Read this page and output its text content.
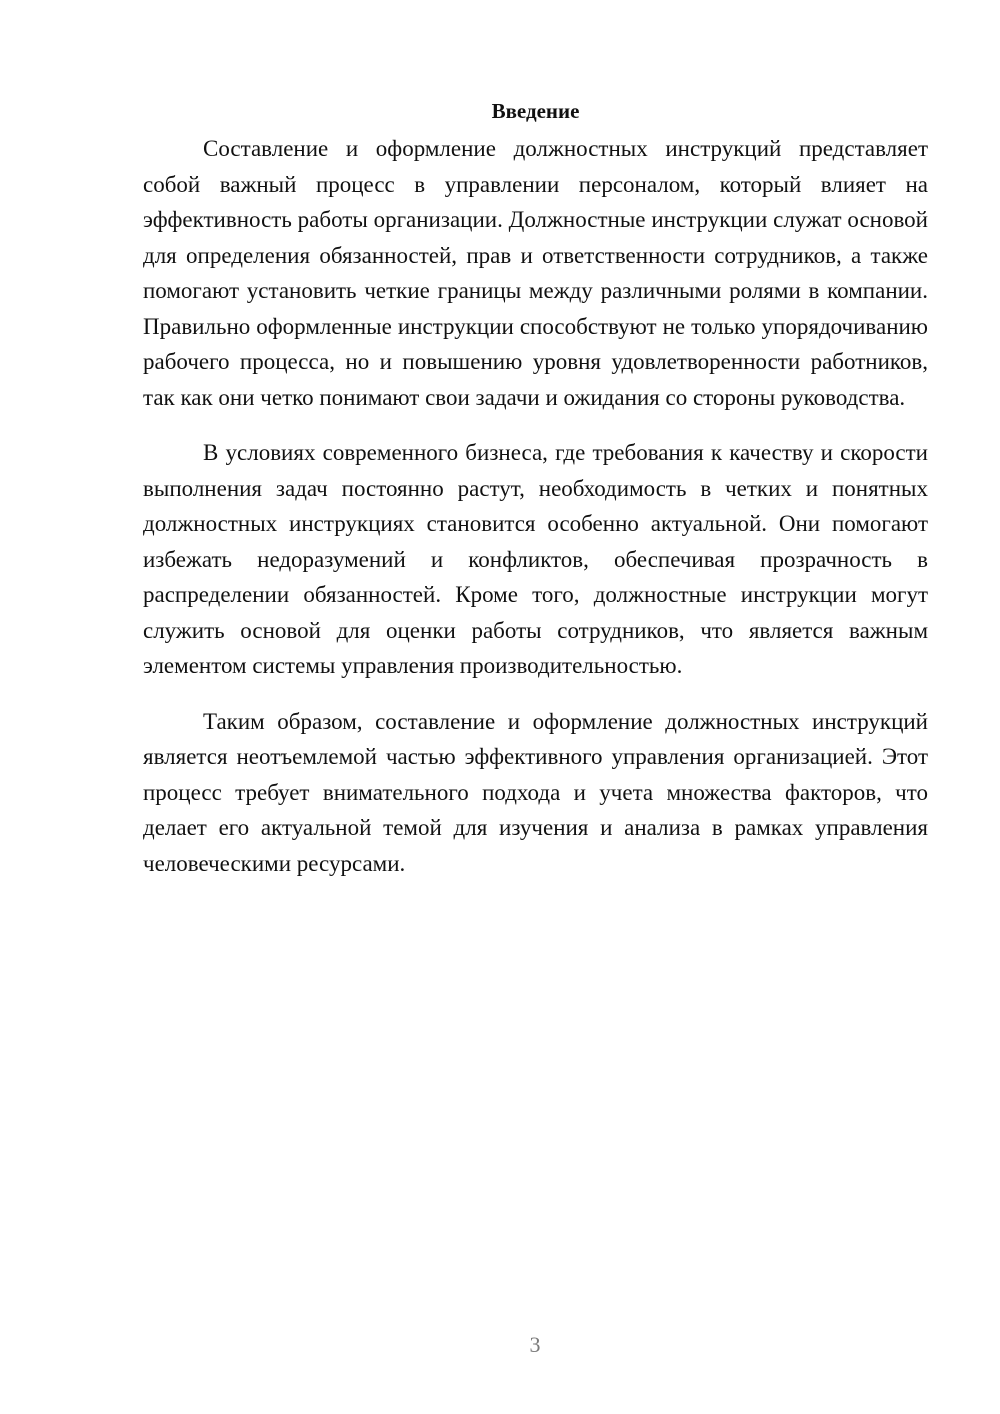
Введение

Составление и оформление должностных инструкций представляет собой важный процесс в управлении персоналом, который влияет на эффективность работы организации. Должностные инструкции служат основой для определения обязанностей, прав и ответственности сотрудников, а также помогают установить четкие границы между различными ролями в компании. Правильно оформленные инструкции способствуют не только упорядочиванию рабочего процесса, но и повышению уровня удовлетворенности работников, так как они четко понимают свои задачи и ожидания со стороны руководства.

В условиях современного бизнеса, где требования к качеству и скорости выполнения задач постоянно растут, необходимость в четких и понятных должностных инструкциях становится особенно актуальной. Они помогают избежать недоразумений и конфликтов, обеспечивая прозрачность в распределении обязанностей. Кроме того, должностные инструкции могут служить основой для оценки работы сотрудников, что является важным элементом системы управления производительностью.

Таким образом, составление и оформление должностных инструкций является неотъемлемой частью эффективного управления организацией. Этот процесс требует внимательного подхода и учета множества факторов, что делает его актуальной темой для изучения и анализа в рамках управления человеческими ресурсами.

3
